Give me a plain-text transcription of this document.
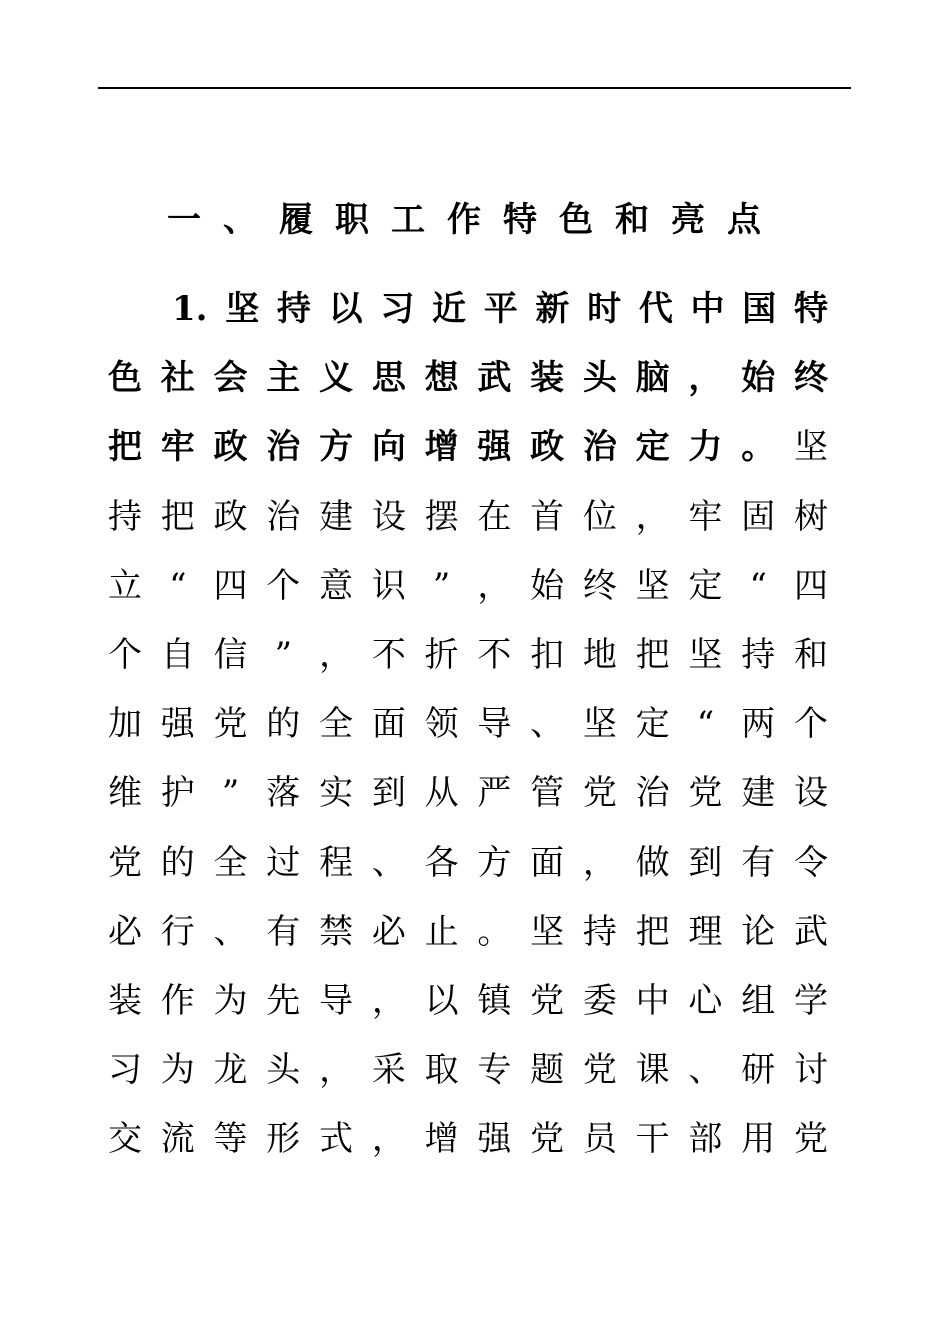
一、履职工作特色和亮点
1. 坚 持 以 习 近 平 新 时 代 中 国 特
色 社 会 主 义 思 想 武 装 头 脑 ， 始 终
把 牢 政 治 方 向 增 强 政 治 定 力 。 坚
持 把 政 治 建 设 摆 在 首 位 ， 牢 固 树
立 “ 四 个 意 识 ” ， 始 终 坚 定 “ 四
个 自 信 ” ， 不 折 不 扣 地 把 坚 持 和
加 强 党 的 全 面 领 导 、 坚 定 “ 两 个
维 护 ” 落 实 到 从 严 管 党 治 党 建 设
党 的 全 过 程 、 各 方 面 ， 做 到 有 令
必 行 、 有 禁 必 止 。 坚 持 把 理 论 武
装 作 为 先 导 ， 以 镇 党 委 中 心 组 学
习 为 龙 头 ， 采 取 专 题 党 课 、 研 讨
交 流 等 形 式 ， 增 强 党 员 干 部 用 党
